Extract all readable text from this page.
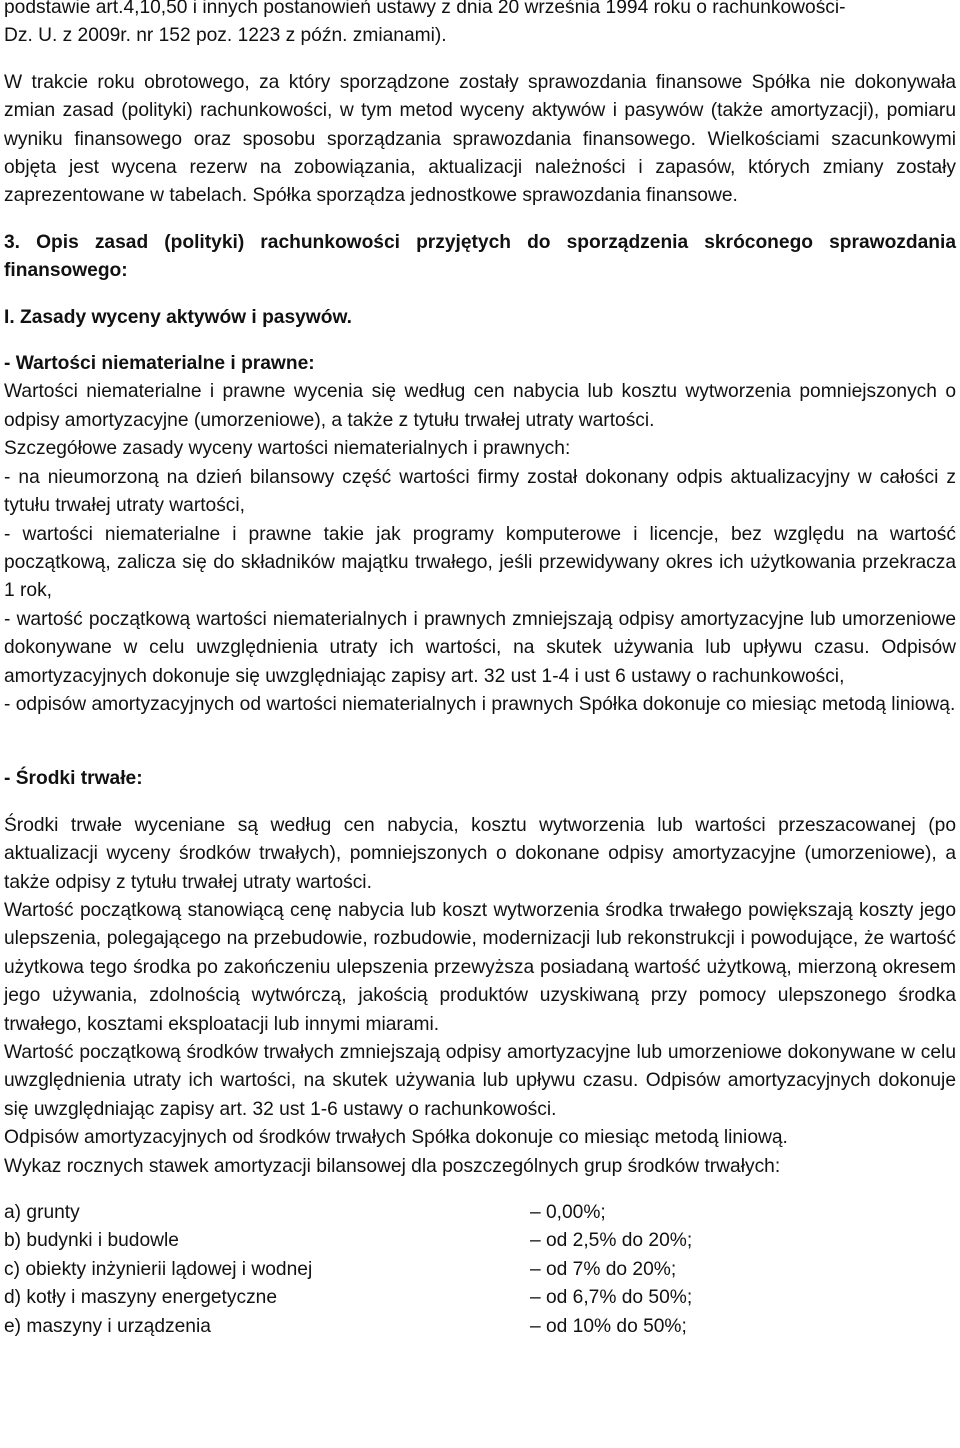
podstawie art.4,10,50 i innych postanowień ustawy z dnia 20 września 1994 roku o rachunkowości-

Dz. U. z 2009r. nr 152 poz. 1223 z późn. zmianami).

W trakcie roku obrotowego, za który sporządzone zostały sprawozdania finansowe Spółka nie dokonywała zmian zasad (polityki) rachunkowości, w tym metod wyceny aktywów i pasywów (także amortyzacji), pomiaru wyniku finansowego oraz sposobu sporządzania sprawozdania finansowego. Wielkościami szacunkowymi objęta jest wycena rezerw na zobowiązania, aktualizacji należności i zapasów, których zmiany zostały zaprezentowane w tabelach. Spółka sporządza jednostkowe sprawozdania finansowe.

3. Opis zasad (polityki) rachunkowości przyjętych do sporządzenia skróconego sprawozdania finansowego:

I. Zasady wyceny aktywów i pasywów.

- Wartości niematerialne i prawne:

Wartości niematerialne i prawne wycenia się według cen nabycia lub kosztu wytworzenia pomniejszonych o odpisy amortyzacyjne (umorzeniowe), a także z tytułu trwałej utraty wartości.

Szczegółowe zasady wyceny wartości niematerialnych i prawnych:

- na nieumorzoną na dzień bilansowy część wartości firmy został dokonany odpis aktualizacyjny w całości z tytułu trwałej utraty wartości,

- wartości niematerialne i prawne takie jak programy komputerowe i licencje, bez względu na wartość początkową, zalicza się do składników majątku trwałego, jeśli przewidywany okres ich użytkowania przekracza 1 rok,

- wartość początkową wartości niematerialnych i prawnych zmniejszają odpisy amortyzacyjne lub umorzeniowe dokonywane w celu uwzględnienia utraty ich wartości, na skutek używania lub upływu czasu. Odpisów amortyzacyjnych dokonuje się uwzględniając zapisy art. 32 ust 1-4 i ust 6 ustawy o rachunkowości,

- odpisów amortyzacyjnych od wartości niematerialnych i prawnych Spółka dokonuje co miesiąc metodą liniową.

- Środki trwałe:

Środki trwałe wyceniane są według cen nabycia, kosztu wytworzenia lub wartości przeszacowanej (po aktualizacji wyceny środków trwałych), pomniejszonych o dokonane odpisy amortyzacyjne (umorzeniowe), a także odpisy z tytułu trwałej utraty wartości.

Wartość początkową stanowiącą cenę nabycia lub koszt wytworzenia środka trwałego powiększają koszty jego ulepszenia, polegającego na przebudowie, rozbudowie, modernizacji lub rekonstrukcji i powodujące, że wartość użytkowa tego środka po zakończeniu ulepszenia przewyższa posiadaną wartość użytkową, mierzoną okresem jego używania, zdolnością wytwórczą, jakością produktów uzyskiwaną przy pomocy ulepszonego środka trwałego, kosztami eksploatacji lub innymi miarami.

Wartość początkową środków trwałych zmniejszają odpisy amortyzacyjne lub umorzeniowe dokonywane w celu uwzględnienia utraty ich wartości, na skutek używania lub upływu czasu. Odpisów amortyzacyjnych dokonuje się uwzględniając zapisy art. 32 ust 1-6 ustawy o rachunkowości.

Odpisów amortyzacyjnych od środków trwałych Spółka dokonuje co miesiąc metodą liniową.

Wykaz rocznych stawek amortyzacji bilansowej dla poszczególnych grup środków trwałych:

a) grunty	– 0,00%;
b) budynki i budowle	– od 2,5% do 20%;
c) obiekty inżynierii lądowej i wodnej	– od 7% do 20%;
d) kotły i maszyny energetyczne	– od 6,7% do 50%;
e) maszyny i urządzenia	– od 10% do 50%;
